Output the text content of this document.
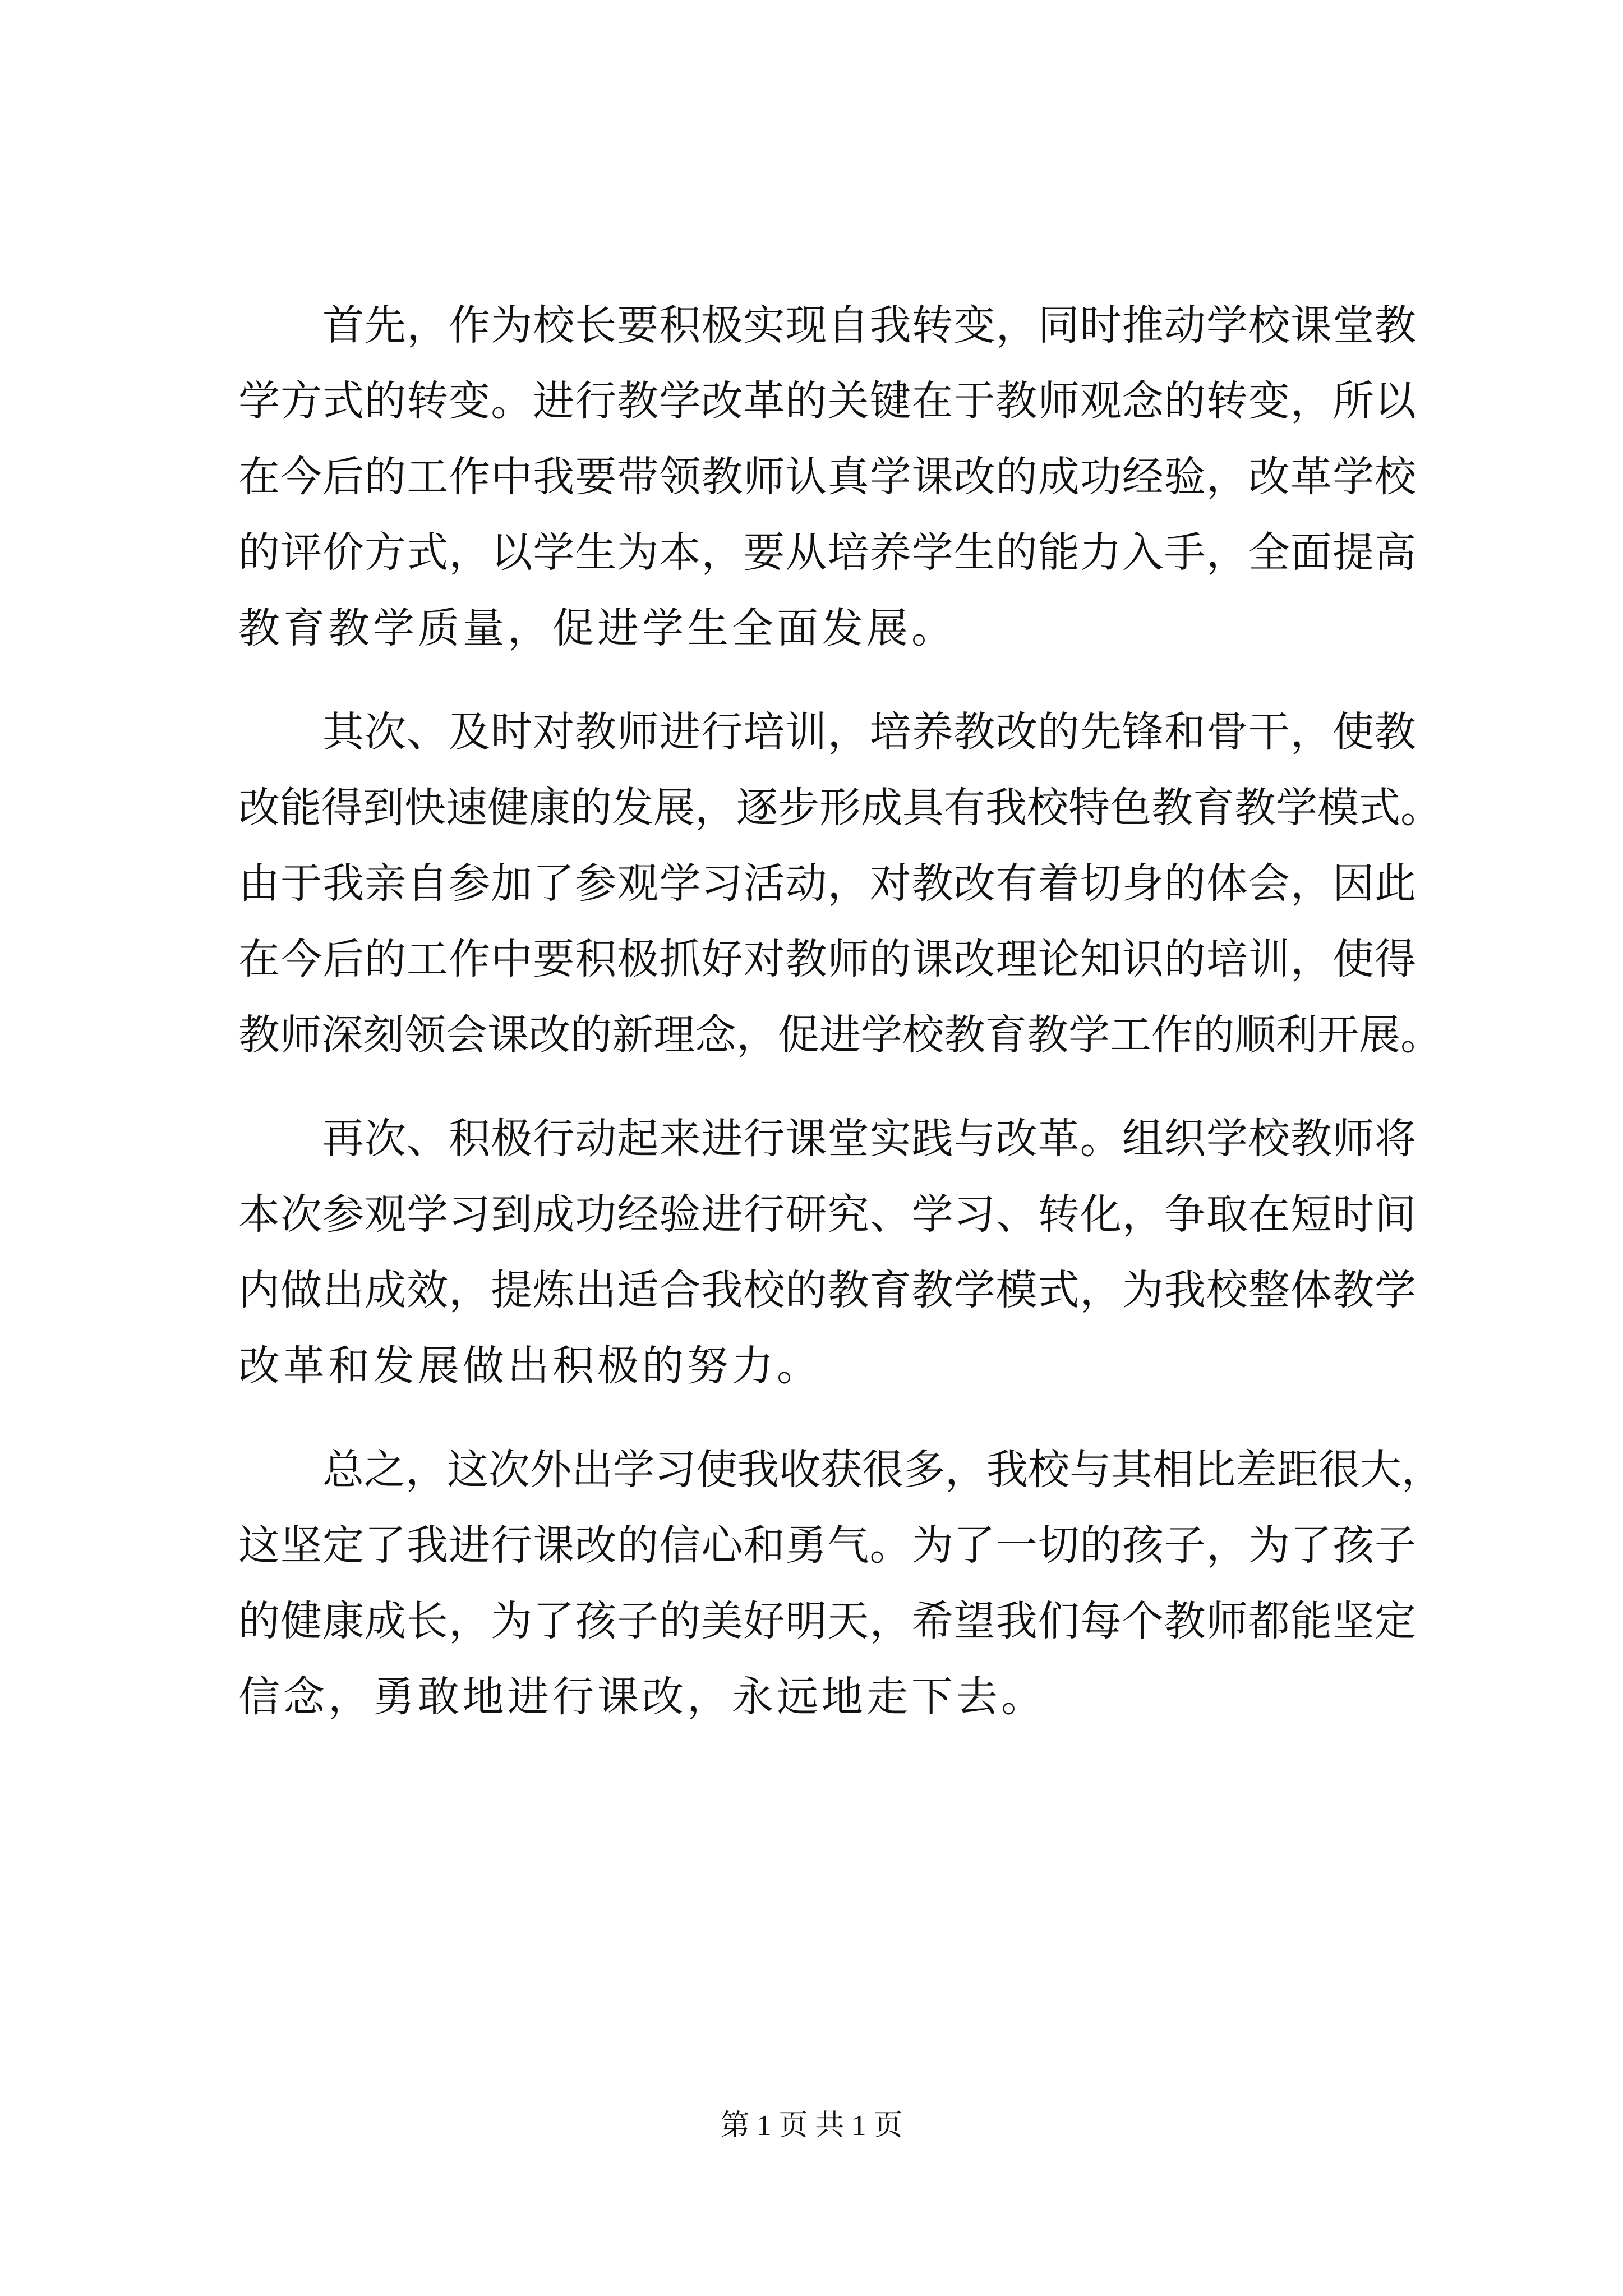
首先，作为校长要积极实现自我转变，同时推动学校课堂教
学方式的转变。进行教学改革的关键在于教师观念的转变，所以
在今后的工作中我要带领教师认真学课改的成功经验，改革学校
的评价方式，以学生为本，要从培养学生的能力入手，全面提高
教育教学质量，促进学生全面发展。
其次、及时对教师进行培训，培养教改的先锋和骨干，使教
改能得到快速健康的发展，逐步形成具有我校特色教育教学模式。
由于我亲自参加了参观学习活动，对教改有着切身的体会，因此
在今后的工作中要积极抓好对教师的课改理论知识的培训，使得
教师深刻领会课改的新理念，促进学校教育教学工作的顺利开展。
再次、积极行动起来进行课堂实践与改革。组织学校教师将
本次参观学习到成功经验进行研究、学习、转化，争取在短时间
内做出成效，提炼出适合我校的教育教学模式，为我校整体教学
改革和发展做出积极的努力。
总之，这次外出学习使我收获很多，我校与其相比差距很大，
这坚定了我进行课改的信心和勇气。为了一切的孩子，为了孩子
的健康成长，为了孩子的美好明天，希望我们每个教师都能坚定
信念，勇敢地进行课改，永远地走下去。
第 1 页 共 1 页
